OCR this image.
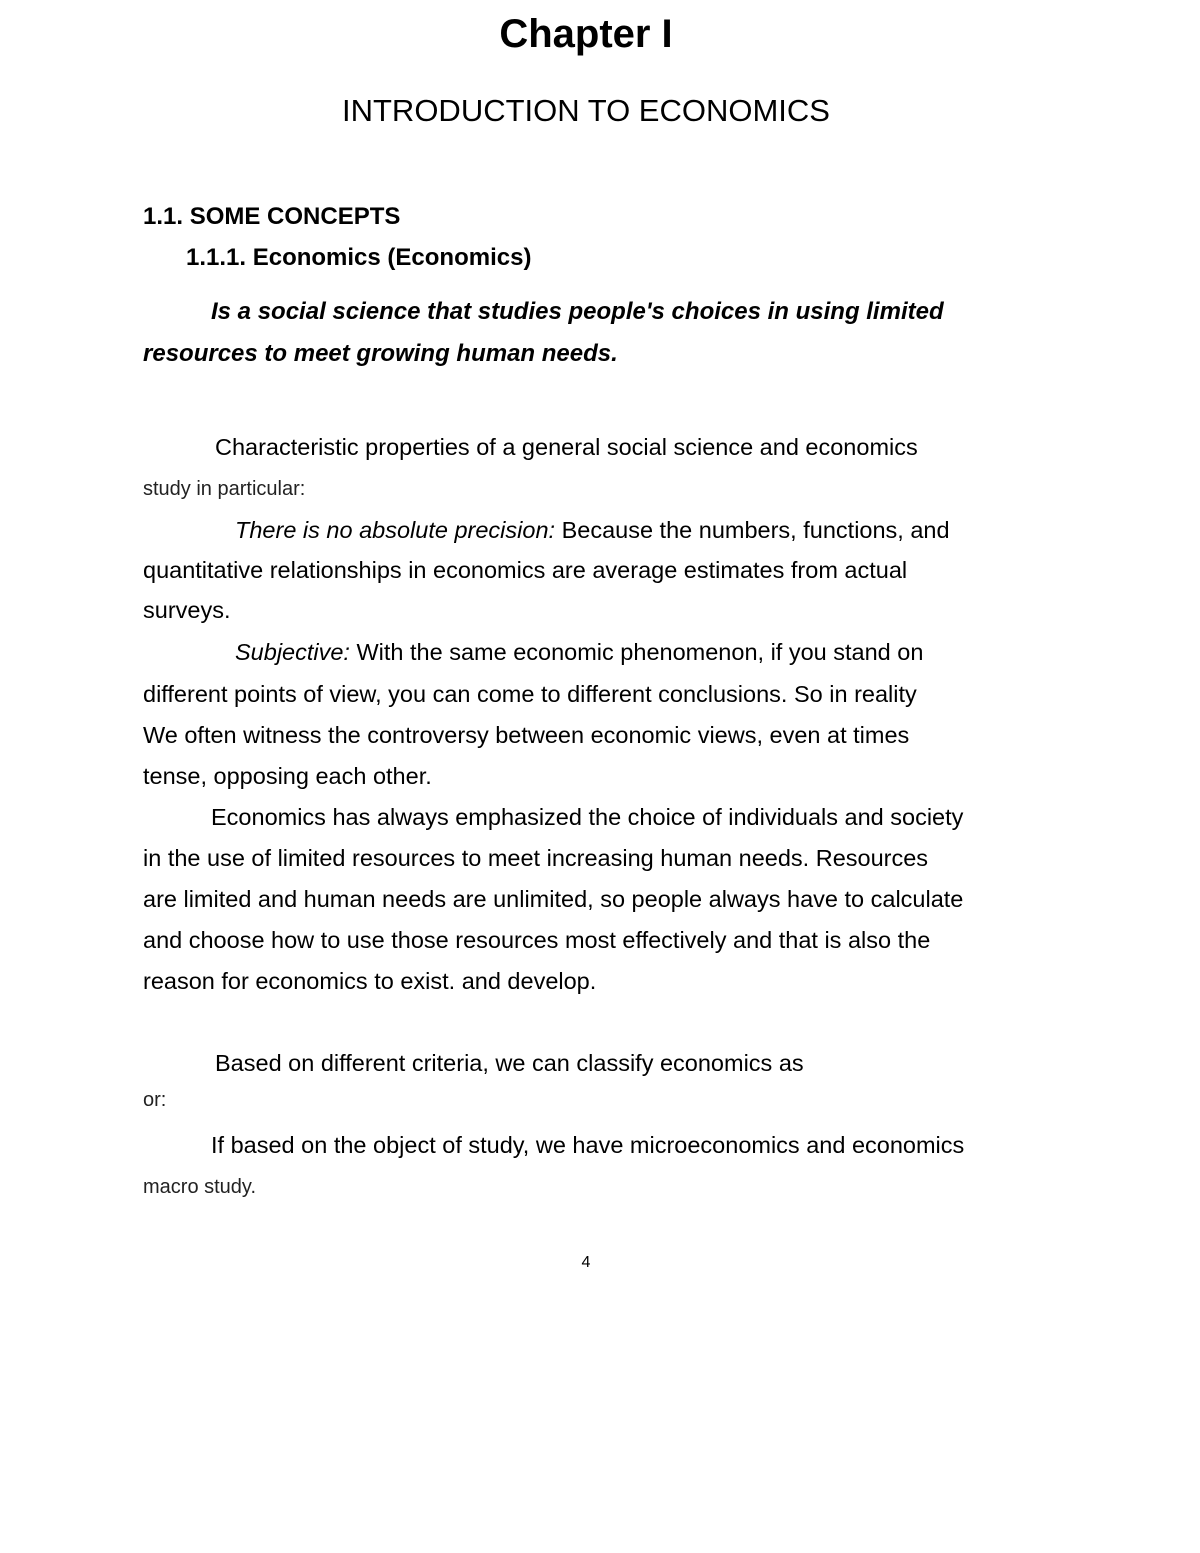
Chapter I
INTRODUCTION TO ECONOMICS
1.1. SOME CONCEPTS
1.1.1. Economics (Economics)
Is a social science that studies people's choices in using limited
resources to meet growing human needs.
Characteristic properties of a general social science and economics
study in particular:
There is no absolute precision: Because the numbers, functions, and
quantitative relationships in economics are average estimates from actual
surveys.
Subjective: With the same economic phenomenon, if you stand on
different points of view, you can come to different conclusions. So in reality
We often witness the controversy between economic views, even at times
tense, opposing each other.
Economics has always emphasized the choice of individuals and society
in the use of limited resources to meet increasing human needs. Resources
are limited and human needs are unlimited, so people always have to calculate
and choose how to use those resources most effectively and that is also the
reason for economics to exist. and develop.
Based on different criteria, we can classify economics as
or:
If based on the object of study, we have microeconomics and economics
macro study.
4
